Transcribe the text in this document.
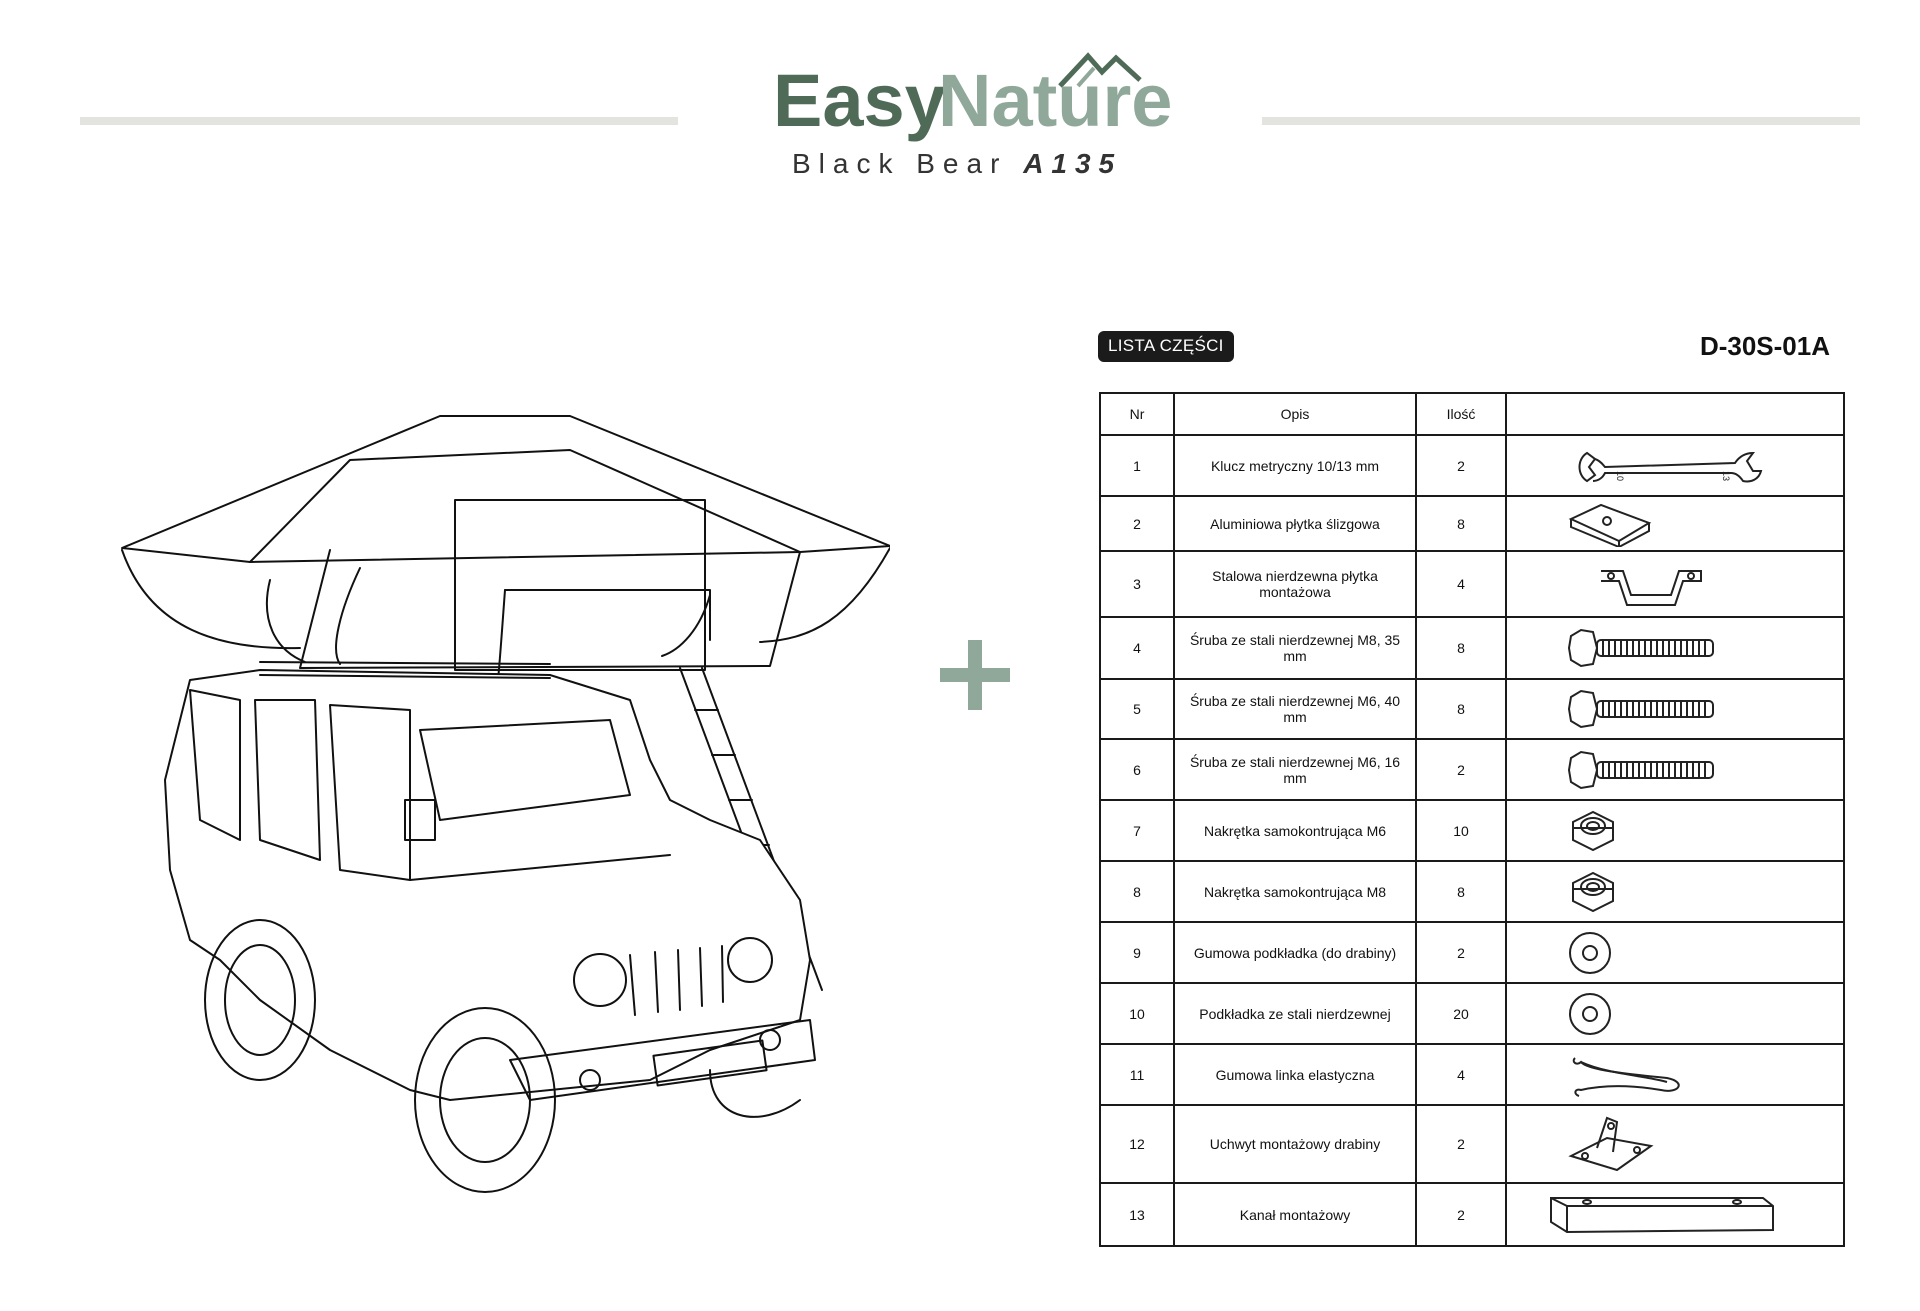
Easy
Nature
Black Bear A135
LISTA CZĘŚCI	D-30S-01A
Nr	Opis	Ilość	
1	Klucz metryczny 10/13 mm	2	10 13

2	Aluminiowa płytka ślizgowa	8	

3	Stalowa nierdzewna płytka montażowa	4	

4	Śruba ze stali nierdzewnej M8, 35 mm	8	

5	Śruba ze stali nierdzewnej M6, 40 mm	8	

6	Śruba ze stali nierdzewnej M6, 16 mm	2	

7	Nakrętka samokontrująca M6	10	

8	Nakrętka samokontrująca M8	8	

9	Gumowa podkładka (do drabiny)	2	

10	Podkładka ze stali nierdzewnej	20	

11	Gumowa linka elastyczna	4	

12	Uchwyt montażowy drabiny	2	

13	Kanał montażowy	2	
